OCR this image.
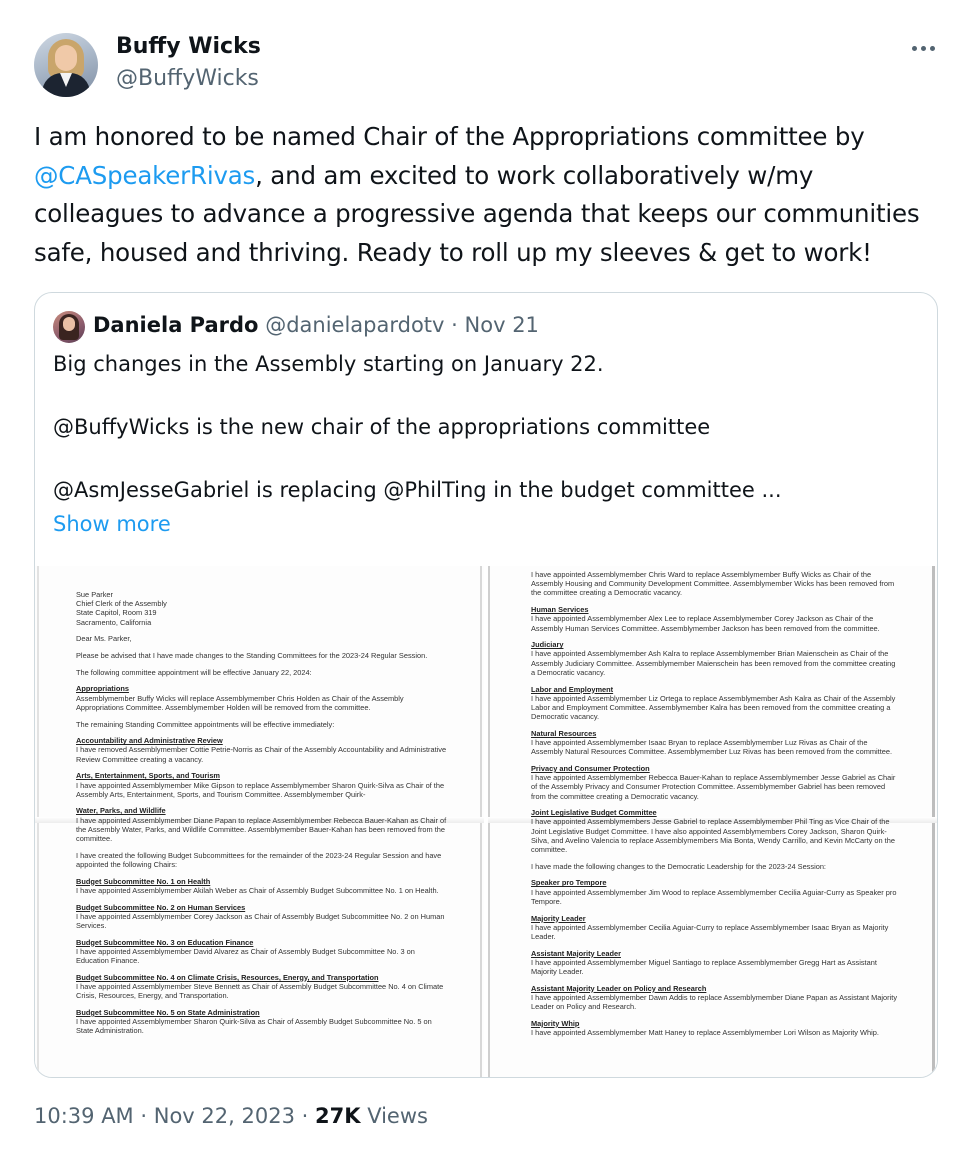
Buffy Wicks
@BuffyWicks
I am honored to be named Chair of the Appropriations committee by @CASpeakerRivas, and am excited to work collaboratively w/my colleagues to advance a progressive agenda that keeps our communities safe, housed and thriving. Ready to roll up my sleeves & get to work!
Daniela Pardo @danielapardotv · Nov 21

Big changes in the Assembly starting on January 22.

@BuffyWicks is the new chair of the appropriations committee

@AsmJesseGabriel is replacing @PhilTing in the budget committee ...

Show more

Sue Parker

Chief Clerk of the Assembly

State Capitol, Room 319

Sacramento, California

Dear Ms. Parker,

Please be advised that I have made changes to the Standing Committees for the 2023-24 Regular Session.

The following committee appointment will be effective January 22, 2024:

Appropriations

Assemblymember Buffy Wicks will replace Assemblymember Chris Holden as Chair of the Assembly Appropriations Committee. Assemblymember Holden will be removed from the committee.

The remaining Standing Committee appointments will be effective immediately:

Accountability and Administrative Review

I have removed Assemblymember Cottie Petrie-Norris as Chair of the Assembly Accountability and Administrative Review Committee creating a vacancy.

Arts, Entertainment, Sports, and Tourism

I have appointed Assemblymember Mike Gipson to replace Assemblymember Sharon Quirk-Silva as Chair of the Assembly Arts, Entertainment, Sports, and Tourism Committee. Assemblymember Quirk-

Water, Parks, and Wildlife

I have appointed Assemblymember Diane Papan to replace Assemblymember Rebecca Bauer-Kahan as Chair of the Assembly Water, Parks, and Wildlife Committee. Assemblymember Bauer-Kahan has been removed from the committee.

I have created the following Budget Subcommittees for the remainder of the 2023-24 Regular Session and have appointed the following Chairs:

Budget Subcommittee No. 1 on Health

I have appointed Assemblymember Akilah Weber as Chair of Assembly Budget Subcommittee No. 1 on Health.

Budget Subcommittee No. 2 on Human Services

I have appointed Assemblymember Corey Jackson as Chair of Assembly Budget Subcommittee No. 2 on Human Services.

Budget Subcommittee No. 3 on Education Finance

I have appointed Assemblymember David Alvarez as Chair of Assembly Budget Subcommittee No. 3 on Education Finance.

Budget Subcommittee No. 4 on Climate Crisis, Resources, Energy, and Transportation

I have appointed Assemblymember Steve Bennett as Chair of Assembly Budget Subcommittee No. 4 on Climate Crisis, Resources, Energy, and Transportation.

Budget Subcommittee No. 5 on State Administration

I have appointed Assemblymember Sharon Quirk-Silva as Chair of Assembly Budget Subcommittee No. 5 on State Administration.

I have appointed Assemblymember Chris Ward to replace Assemblymember Buffy Wicks as Chair of the Assembly Housing and Community Development Committee. Assemblymember Wicks has been removed from the committee creating a Democratic vacancy.

Human Services

I have appointed Assemblymember Alex Lee to replace Assemblymember Corey Jackson as Chair of the Assembly Human Services Committee. Assemblymember Jackson has been removed from the committee.

Judiciary

I have appointed Assemblymember Ash Kalra to replace Assemblymember Brian Maienschein as Chair of the Assembly Judiciary Committee. Assemblymember Maienschein has been removed from the committee creating a Democratic vacancy.

Labor and Employment

I have appointed Assemblymember Liz Ortega to replace Assemblymember Ash Kalra as Chair of the Assembly Labor and Employment Committee. Assemblymember Kalra has been removed from the committee creating a Democratic vacancy.

Natural Resources

I have appointed Assemblymember Isaac Bryan to replace Assemblymember Luz Rivas as Chair of the Assembly Natural Resources Committee. Assemblymember Luz Rivas has been removed from the committee.

Privacy and Consumer Protection

I have appointed Assemblymember Rebecca Bauer-Kahan to replace Assemblymember Jesse Gabriel as Chair of the Assembly Privacy and Consumer Protection Committee. Assemblymember Gabriel has been removed from the committee creating a Democratic vacancy.

Joint Legislative Budget Committee

I have appointed Assemblymembers Jesse Gabriel to replace Assemblymember Phil Ting as Vice Chair of the Joint Legislative Budget Committee. I have also appointed Assemblymembers Corey Jackson, Sharon Quirk-Silva, and Avelino Valencia to replace Assemblymembers Mia Bonta, Wendy Carrillo, and Kevin McCarty on the committee.

I have made the following changes to the Democratic Leadership for the 2023-24 Session:

Speaker pro Tempore

I have appointed Assemblymember Jim Wood to replace Assemblymember Cecilia Aguiar-Curry as Speaker pro Tempore.

Majority Leader

I have appointed Assemblymember Cecilia Aguiar-Curry to replace Assemblymember Isaac Bryan as Majority Leader.

Assistant Majority Leader

I have appointed Assemblymember Miguel Santiago to replace Assemblymember Gregg Hart as Assistant Majority Leader.

Assistant Majority Leader on Policy and Research

I have appointed Assemblymember Dawn Addis to replace Assemblymember Diane Papan as Assistant Majority Leader on Policy and Research.

Majority Whip

I have appointed Assemblymember Matt Haney to replace Assemblymember Lori Wilson as Majority Whip.

10:39 AM · Nov 22, 2023 · 27K Views
